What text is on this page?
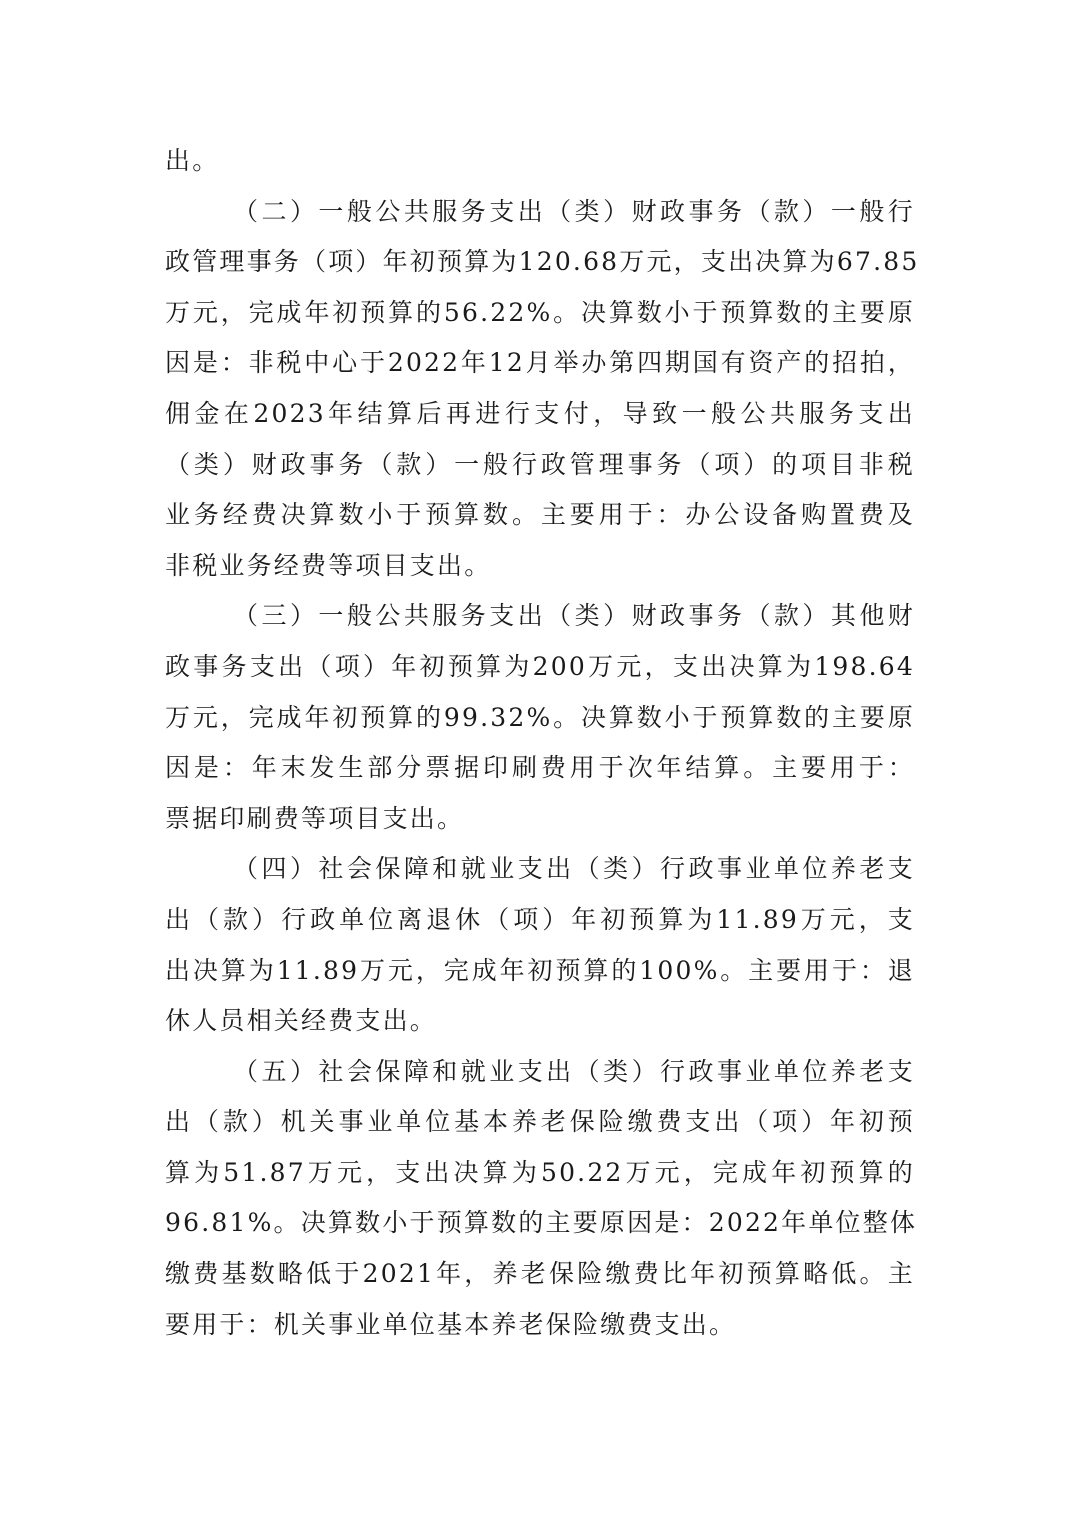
出。
（二）一般公共服务支出（类）财政事务（款）一般行
政管理事务（项）年初预算为120.68万元，支出决算为67.85
万元，完成年初预算的56.22%。决算数小于预算数的主要原
因是：非税中心于2022年12月举办第四期国有资产的招拍，
佣金在2023年结算后再进行支付，导致一般公共服务支出
（类）财政事务（款）一般行政管理事务（项）的项目非税
业务经费决算数小于预算数。主要用于：办公设备购置费及
非税业务经费等项目支出。
（三）一般公共服务支出（类）财政事务（款）其他财
政事务支出（项）年初预算为200万元，支出决算为198.64
万元，完成年初预算的99.32%。决算数小于预算数的主要原
因是：年末发生部分票据印刷费用于次年结算。主要用于：
票据印刷费等项目支出。
（四）社会保障和就业支出（类）行政事业单位养老支
出（款）行政单位离退休（项）年初预算为11.89万元，支
出决算为11.89万元，完成年初预算的100%。主要用于：退
休人员相关经费支出。
（五）社会保障和就业支出（类）行政事业单位养老支
出（款）机关事业单位基本养老保险缴费支出（项）年初预
算为51.87万元，支出决算为50.22万元，完成年初预算的
96.81%。决算数小于预算数的主要原因是：2022年单位整体
缴费基数略低于2021年，养老保险缴费比年初预算略低。主
要用于：机关事业单位基本养老保险缴费支出。
